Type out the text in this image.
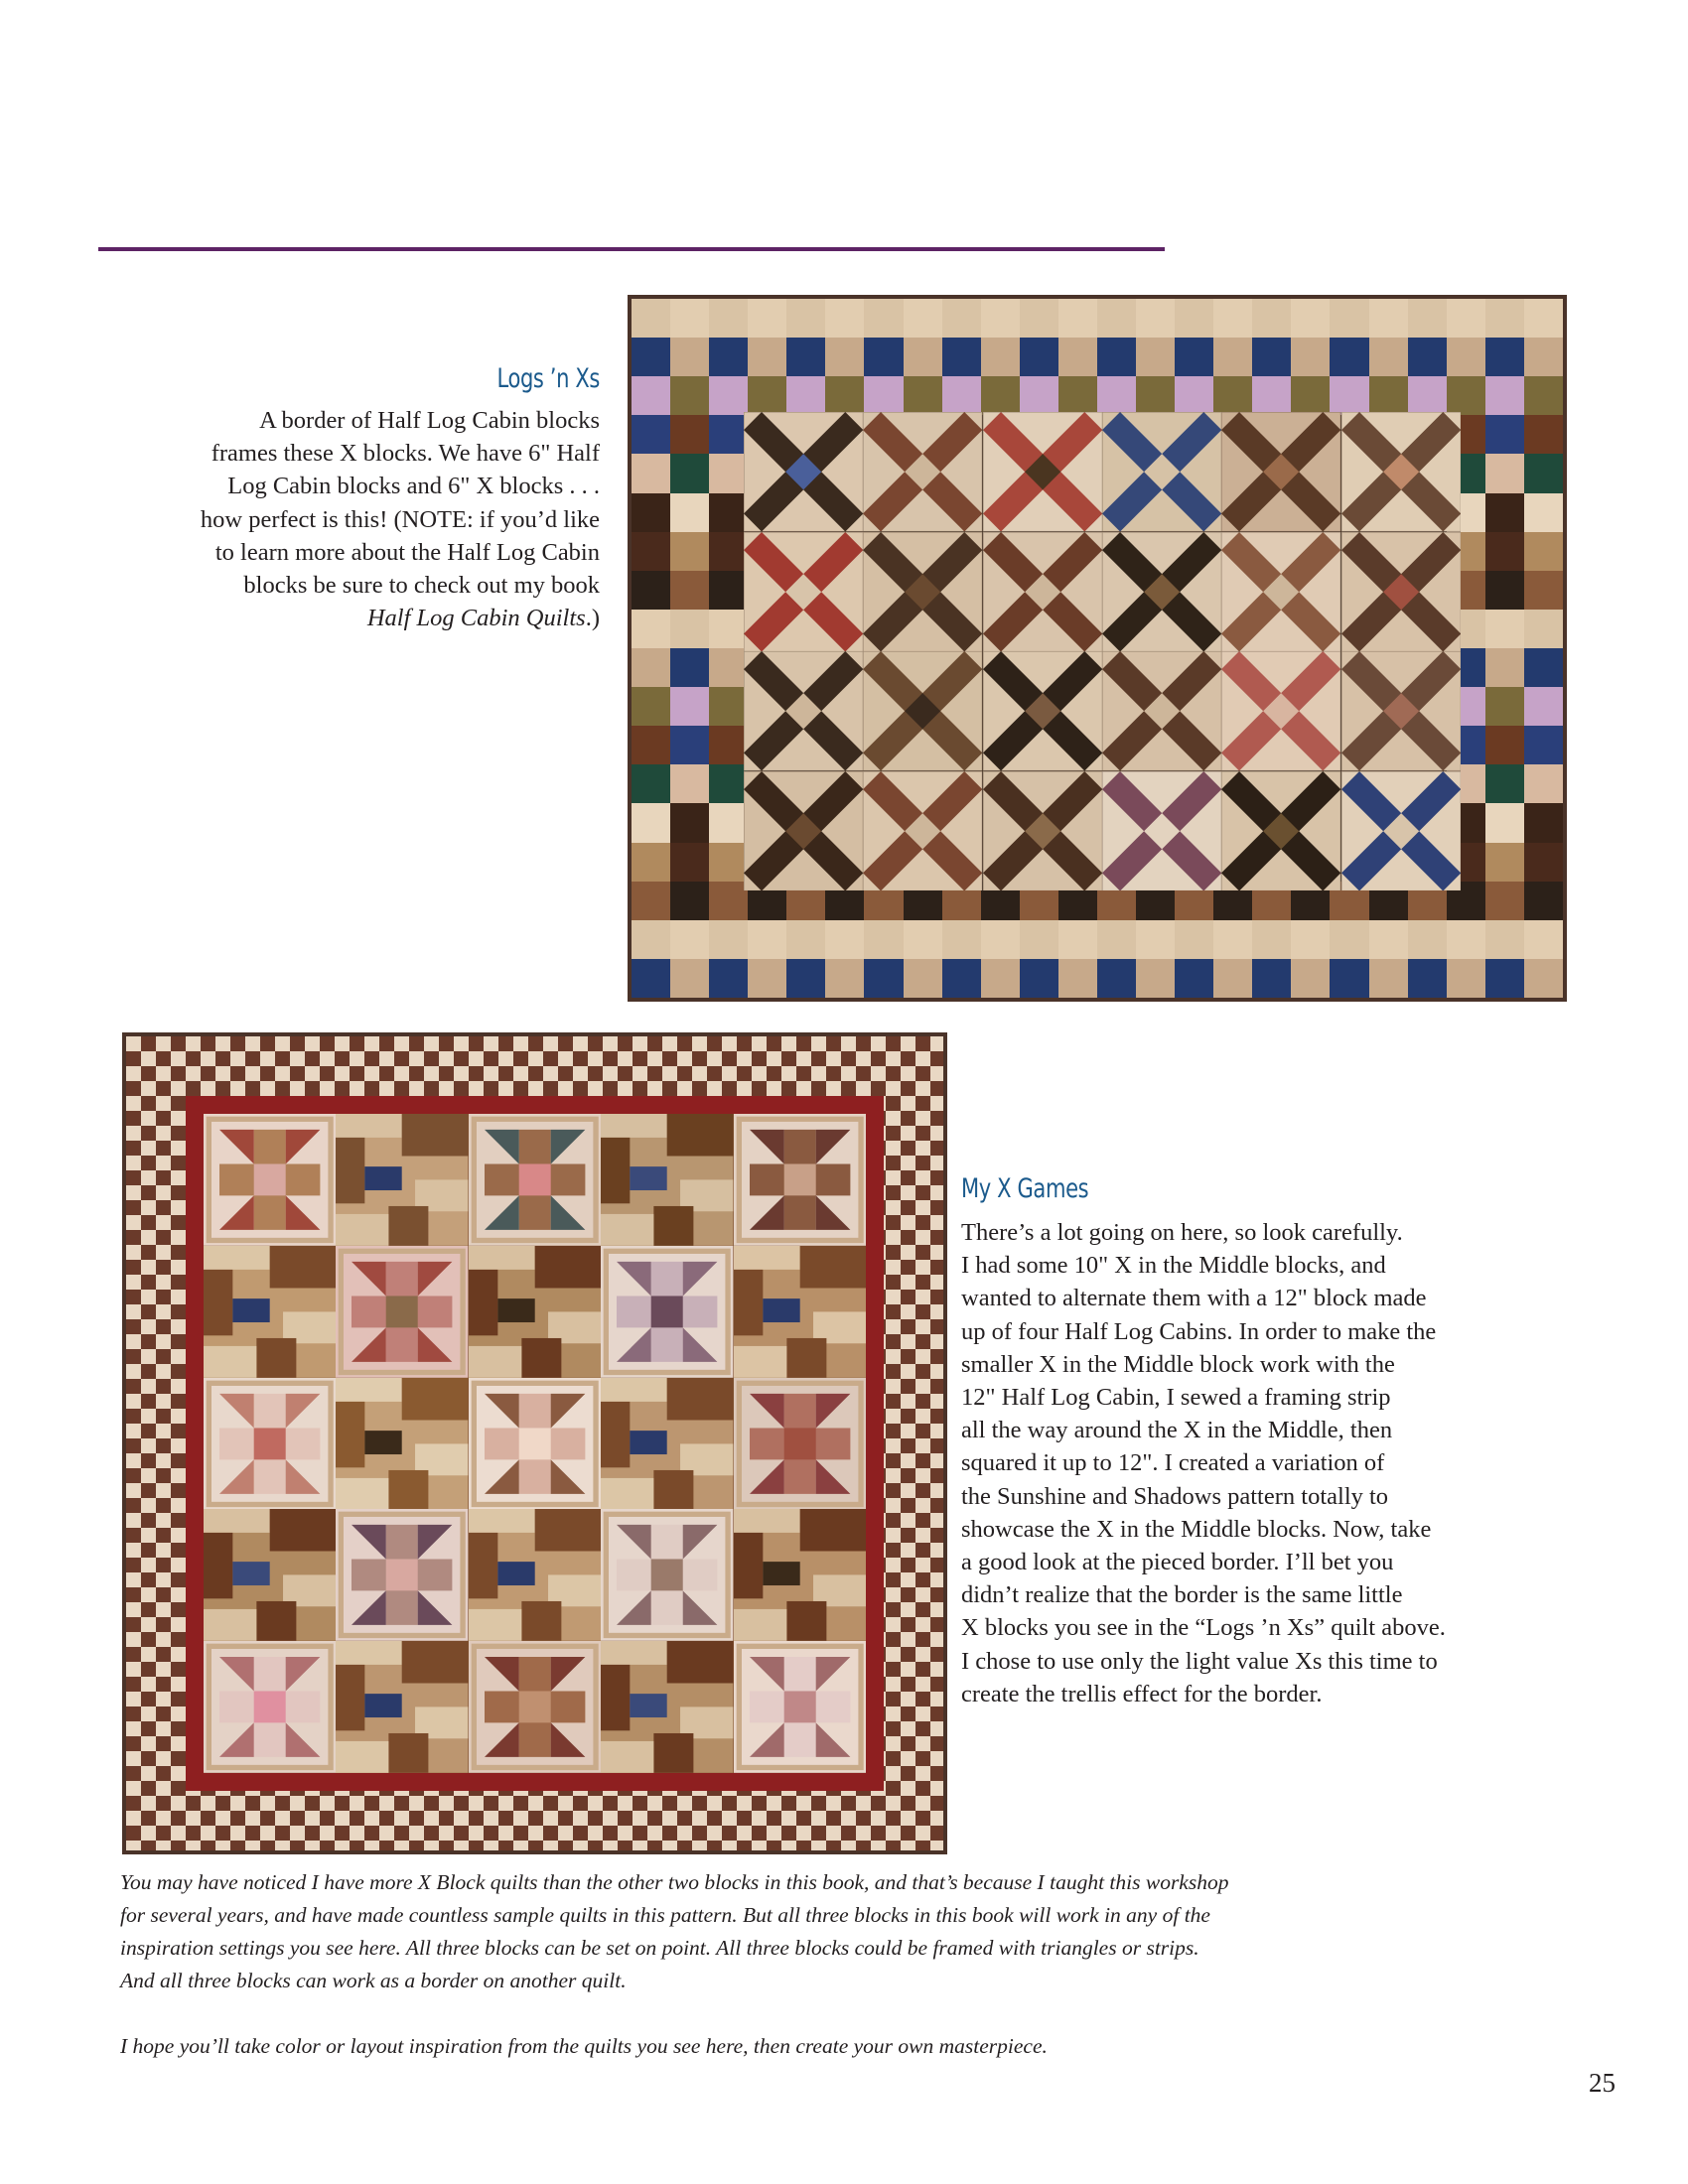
Logs ’n Xs

A border of Half Log Cabin blocks
frames these X blocks. We have 6" Half
Log Cabin blocks and 6" X blocks . . .
how perfect is this! (NOTE: if you’d like
to learn more about the Half Log Cabin
blocks be sure to check out my book
Half Log Cabin Quilts.)

My X Games

There’s a lot going on here, so look carefully.
I had some 10" X in the Middle blocks, and
wanted to alternate them with a 12" block made
up of four Half Log Cabins. In order to make the
smaller X in the Middle block work with the
12" Half Log Cabin, I sewed a framing strip
all the way around the X in the Middle, then
squared it up to 12". I created a variation of
the Sunshine and Shadows pattern totally to
showcase the X in the Middle blocks. Now, take
a good look at the pieced border. I’ll bet you
didn’t realize that the border is the same little
X blocks you see in the “Logs ’n Xs” quilt above.
I chose to use only the light value Xs this time to
create the trellis effect for the border.

You may have noticed I have more X Block quilts than the other two blocks in this book, and that’s because I taught this workshop
for several years, and have made countless sample quilts in this pattern. But all three blocks in this book will work in any of the
inspiration settings you see here. All three blocks can be set on point. All three blocks could be framed with triangles or strips.
And all three blocks can work as a border on another quilt.

I hope you’ll take color or layout inspiration from the quilts you see here, then create your own masterpiece.

25
